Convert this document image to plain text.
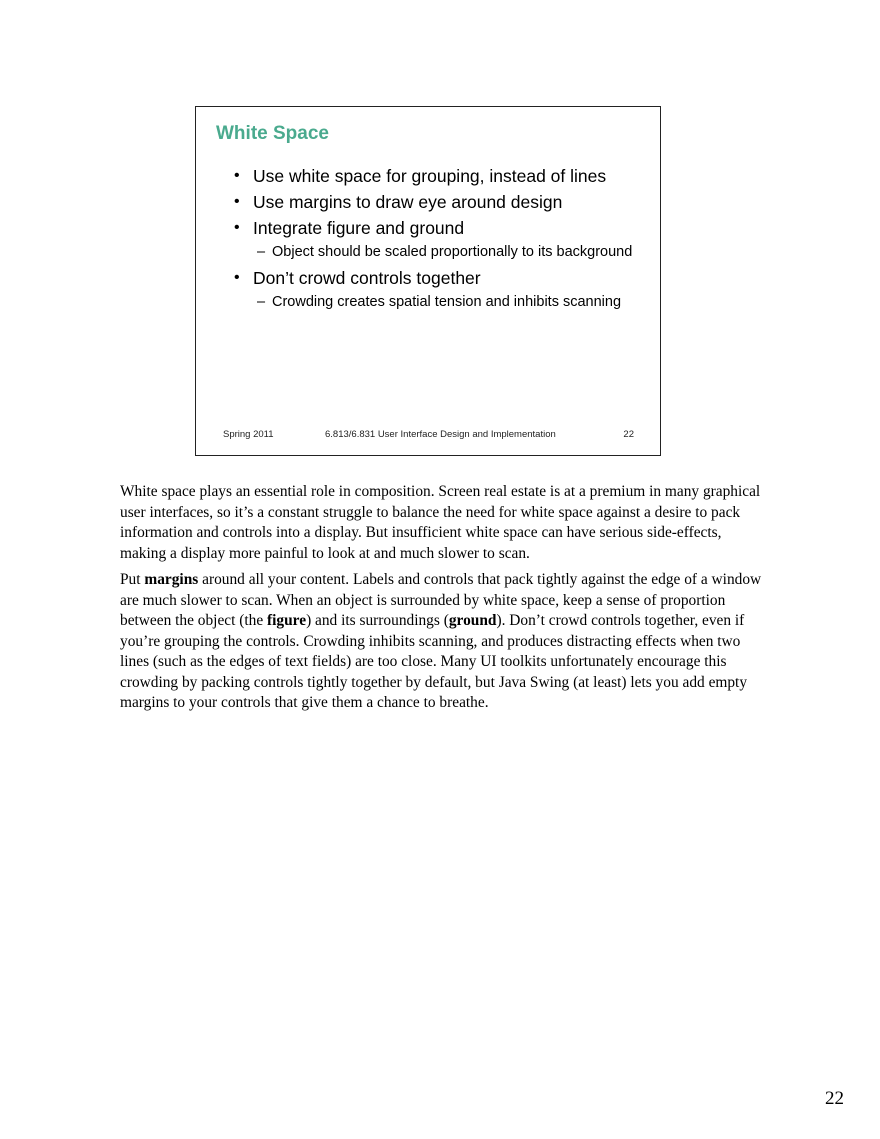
White Space
• Use white space for grouping, instead of lines
• Use margins to draw eye around design
• Integrate figure and ground
– Object should be scaled proportionally to its background
• Don’t crowd controls together
– Crowding creates spatial tension and inhibits scanning
Spring 2011	6.813/6.831 User Interface Design and Implementation	22

White space plays an essential role in composition. Screen real estate is at a premium in many graphical user interfaces, so it’s a constant struggle to balance the need for white space against a desire to pack information and controls into a display. But insufficient white space can have serious side-effects, making a display more painful to look at and much slower to scan.

Put margins around all your content. Labels and controls that pack tightly against the edge of a window are much slower to scan. When an object is surrounded by white space, keep a sense of proportion between the object (the figure) and its surroundings (ground). Don’t crowd controls together, even if you’re grouping the controls. Crowding inhibits scanning, and produces distracting effects when two lines (such as the edges of text fields) are too close. Many UI toolkits unfortunately encourage this crowding by packing controls tightly together by default, but Java Swing (at least) lets you add empty margins to your controls that give them a chance to breathe.

22
